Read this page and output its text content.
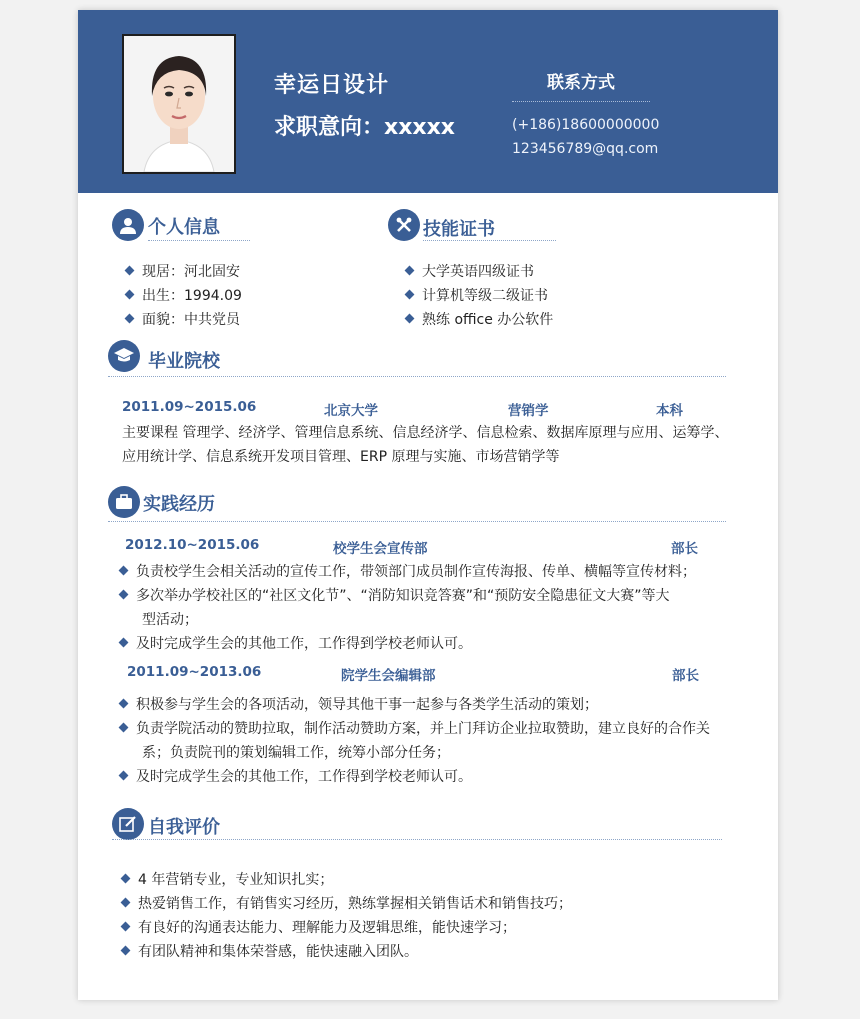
幸运日设计
求职意向：xxxxx
联系方式
(+186)18600000000
123456789@qq.com
个人信息
现居：河北固安
出生：1994.09
面貌：中共党员
技能证书
大学英语四级证书
计算机等级二级证书
熟练 office 办公软件
毕业院校
2011.09~2015.06	北京大学	营销学	本科
主要课程 管理学、经济学、管理信息系统、信息经济学、信息检索、数据库原理与应用、运筹学、
应用统计学、信息系统开发项目管理、ERP 原理与实施、市场营销学等
实践经历
2012.10~2015.06	校学生会宣传部	部长
负责校学生会相关活动的宣传工作，带领部门成员制作宣传海报、传单、横幅等宣传材料；
多次举办学校社区的“社区文化节”、“消防知识竞答赛”和“预防安全隐患征文大赛”等大
型活动；
及时完成学生会的其他工作，工作得到学校老师认可。
2011.09~2013.06	院学生会编辑部	部长
积极参与学生会的各项活动，领导其他干事一起参与各类学生活动的策划；
负责学院活动的赞助拉取，制作活动赞助方案，并上门拜访企业拉取赞助，建立良好的合作关
系；负责院刊的策划编辑工作，统筹小部分任务；
及时完成学生会的其他工作，工作得到学校老师认可。
自我评价
4 年营销专业，专业知识扎实；
热爱销售工作，有销售实习经历，熟练掌握相关销售话术和销售技巧；
有良好的沟通表达能力、理解能力及逻辑思维，能快速学习；
有团队精神和集体荣誉感，能快速融入团队。
